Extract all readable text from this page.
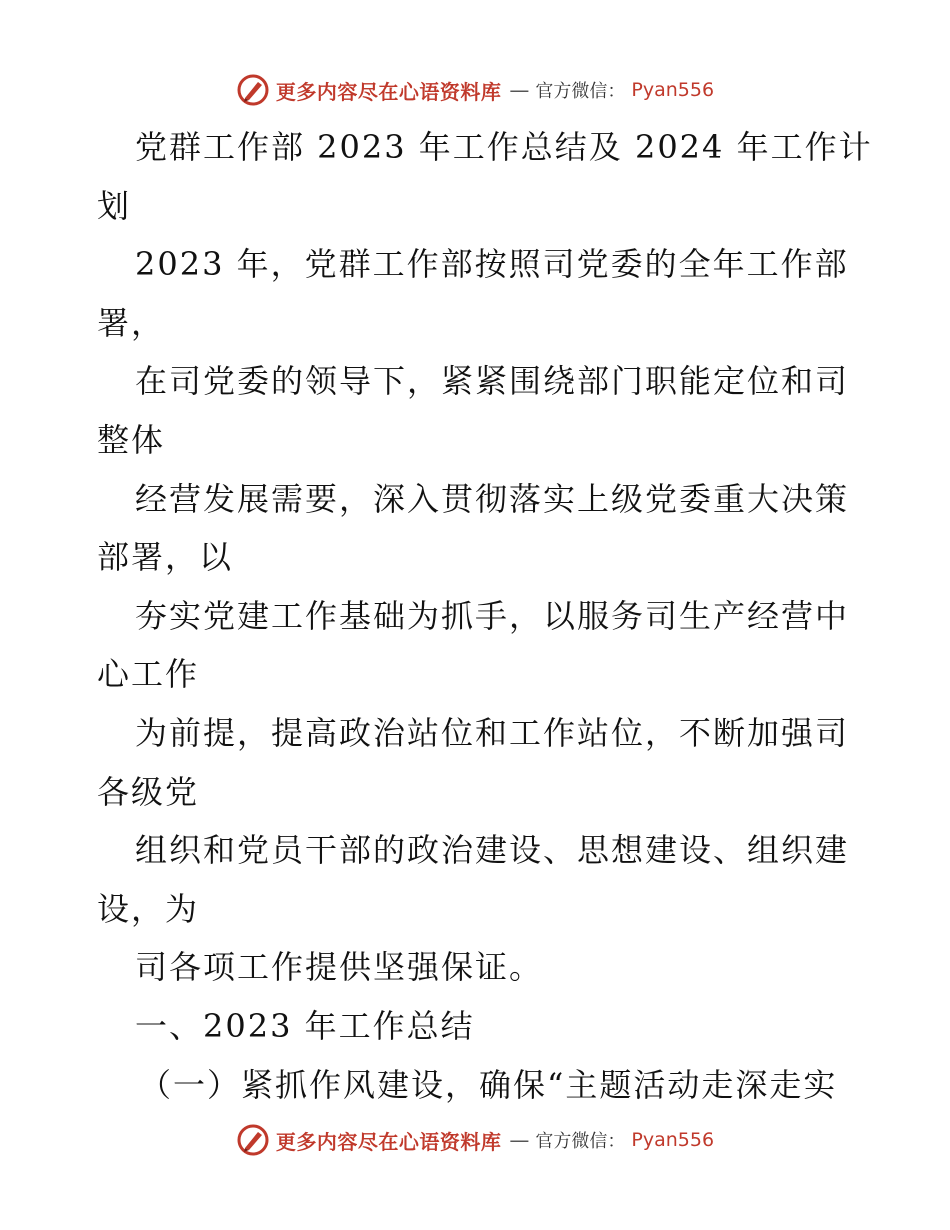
更多内容尽在心语资料库 — 官方微信： Pyan556
党群工作部 2023 年工作总结及 2024 年工作计
划
2023 年，党群工作部按照司党委的全年工作部
署，
在司党委的领导下，紧紧围绕部门职能定位和司
整体
经营发展需要，深入贯彻落实上级党委重大决策
部署，以
夯实党建工作基础为抓手，以服务司生产经营中
心工作
为前提，提高政治站位和工作站位，不断加强司
各级党
组织和党员干部的政治建设、思想建设、组织建
设，为
司各项工作提供坚强保证。
一、2023 年工作总结
（一）紧抓作风建设，确保“主题活动走深走实
更多内容尽在心语资料库 — 官方微信： Pyan556
